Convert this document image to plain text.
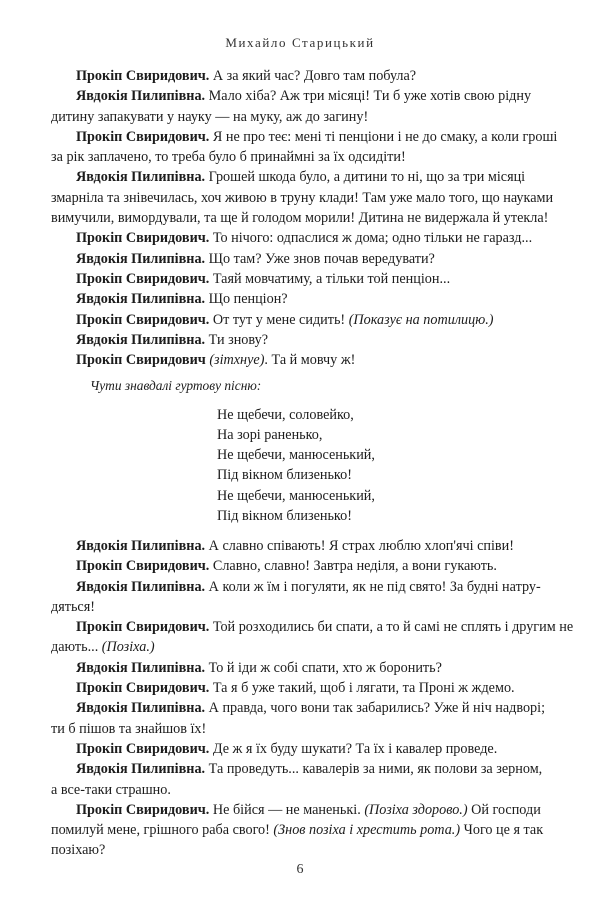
Михайло Старицький
Прокіп Свиридович. А за який час? Довго там побула?
Явдокія Пилипівна. Мало хіба? Аж три місяці! Ти б уже хотів свою рідну
дитину запакувати у науку — на муку, аж до загину!
Прокіп Свиридович. Я не про теє: мені ті пенціони і не до смаку, а коли гроші
за рік заплачено, то треба було б принаймні за їх одсидіти!
Явдокія Пилипівна. Грошей шкода було, а дитини то ні, що за три місяці
змарніла та знівечилась, хоч живою в труну клади! Там уже мало того, що науками
вимучили, вимордували, та ще й голодом морили! Дитина не видержала й утекла!
Прокіп Свиридович. То нічого: одпаслися ж дома; одно тільки не гаразд...
Явдокія Пилипівна. Що там? Уже знов почав вередувати?
Прокіп Свиридович. Таяй мовчатиму, а тільки той пенціон...
Явдокія Пилипівна. Що пенціон?
Прокіп Свиридович. От тут у мене сидить! (Показує на потилицю.)
Явдокія Пилипівна. Ти знову?
Прокіп Свиридович (зітхнуе). Та й мовчу ж!
Чути знавдалі гуртову пісню:
Не щебечи, соловейко,
На зорі раненько,
Не щебечи, манюсенький,
Під вікном близенько!
Не щебечи, манюсенький,
Під вікном близенько!
Явдокія Пилипівна. А славно співають! Я страх люблю хлоп'ячі співи!
Прокіп Свиридович. Славно, славно! Завтра неділя, а вони гукають.
Явдокія Пилипівна. А коли ж їм і погуляти, як не під свято! За будні натру-
дяться!
Прокіп Свиридович. Той розходились би спати, а то й самі не сплять і другим не
дають... (Позіха.)
Явдокія Пилипівна. То й іди ж собі спати, хто ж боронить?
Прокіп Свиридович. Та я б уже такий, щоб і лягати, та Проні ж ждемо.
Явдокія Пилипівна. А правда, чого вони так забарились? Уже й ніч надворі;
ти б пішов та знайшов їх!
Прокіп Свиридович. Де ж я їх буду шукати? Та їх і кавалер проведе.
Явдокія Пилипівна. Та проведуть... кавалерів за ними, як полови за зерном,
а все-таки страшно.
Прокіп Свиридович. Не бійся — не маненькі. (Позіха здорово.) Ой господи
помилуй мене, грішного раба свого! (Знов позіха і хрестить рота.) Чого це я так
позіхаю?
6
